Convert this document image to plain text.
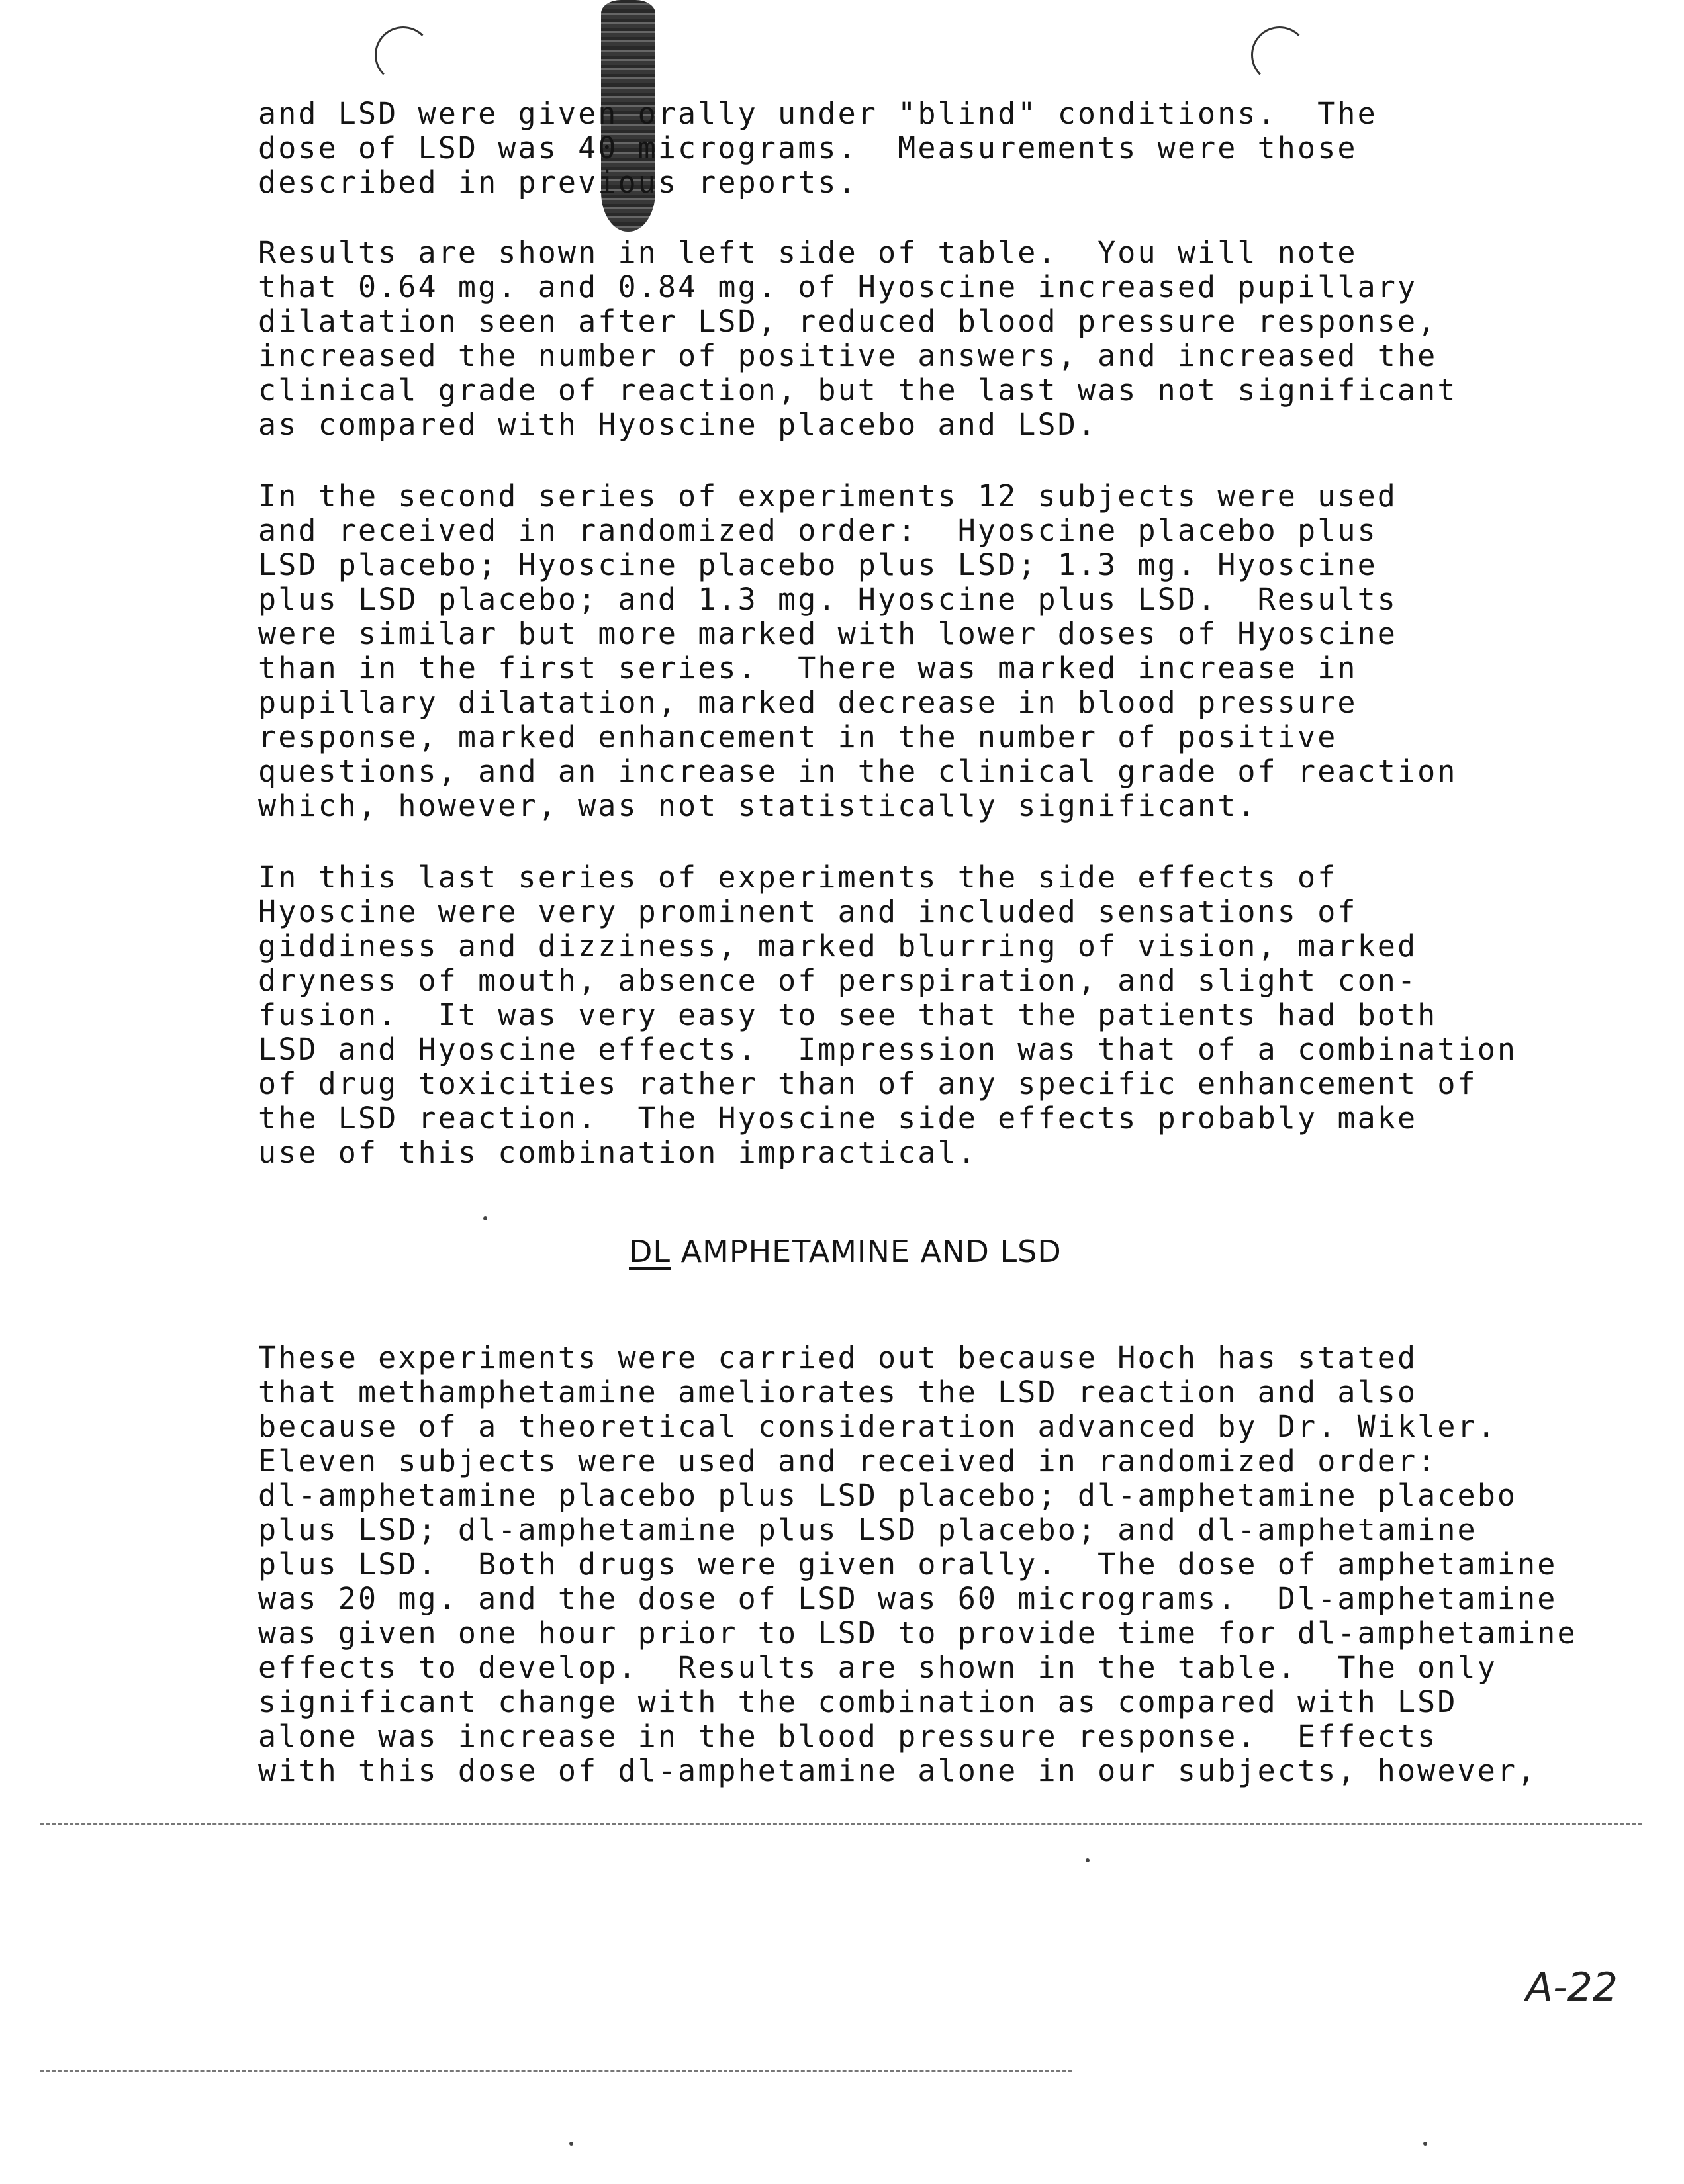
and LSD were given orally under "blind" conditions.  The
dose of LSD was 40 micrograms.  Measurements were those
described in previous reports.
Results are shown in left side of table.  You will note
that 0.64 mg. and 0.84 mg. of Hyoscine increased pupillary
dilatation seen after LSD, reduced blood pressure response,
increased the number of positive answers, and increased the
clinical grade of reaction, but the last was not significant
as compared with Hyoscine placebo and LSD.
In the second series of experiments 12 subjects were used
and received in randomized order:  Hyoscine placebo plus
LSD placebo; Hyoscine placebo plus LSD; 1.3 mg. Hyoscine
plus LSD placebo; and 1.3 mg. Hyoscine plus LSD.  Results
were similar but more marked with lower doses of Hyoscine
than in the first series.  There was marked increase in
pupillary dilatation, marked decrease in blood pressure
response, marked enhancement in the number of positive
questions, and an increase in the clinical grade of reaction
which, however, was not statistically significant.
In this last series of experiments the side effects of
Hyoscine were very prominent and included sensations of
giddiness and dizziness, marked blurring of vision, marked
dryness of mouth, absence of perspiration, and slight con-
fusion.  It was very easy to see that the patients had both
LSD and Hyoscine effects.  Impression was that of a combination
of drug toxicities rather than of any specific enhancement of
the LSD reaction.  The Hyoscine side effects probably make
use of this combination impractical.
DL AMPHETAMINE AND LSD
These experiments were carried out because Hoch has stated
that methamphetamine ameliorates the LSD reaction and also
because of a theoretical consideration advanced by Dr. Wikler.
Eleven subjects were used and received in randomized order:
dl-amphetamine placebo plus LSD placebo; dl-amphetamine placebo
plus LSD; dl-amphetamine plus LSD placebo; and dl-amphetamine
plus LSD.  Both drugs were given orally.  The dose of amphetamine
was 20 mg. and the dose of LSD was 60 micrograms.  Dl-amphetamine
was given one hour prior to LSD to provide time for dl-amphetamine
effects to develop.  Results are shown in the table.  The only
significant change with the combination as compared with LSD
alone was increase in the blood pressure response.  Effects
with this dose of dl-amphetamine alone in our subjects, however,
A-22
